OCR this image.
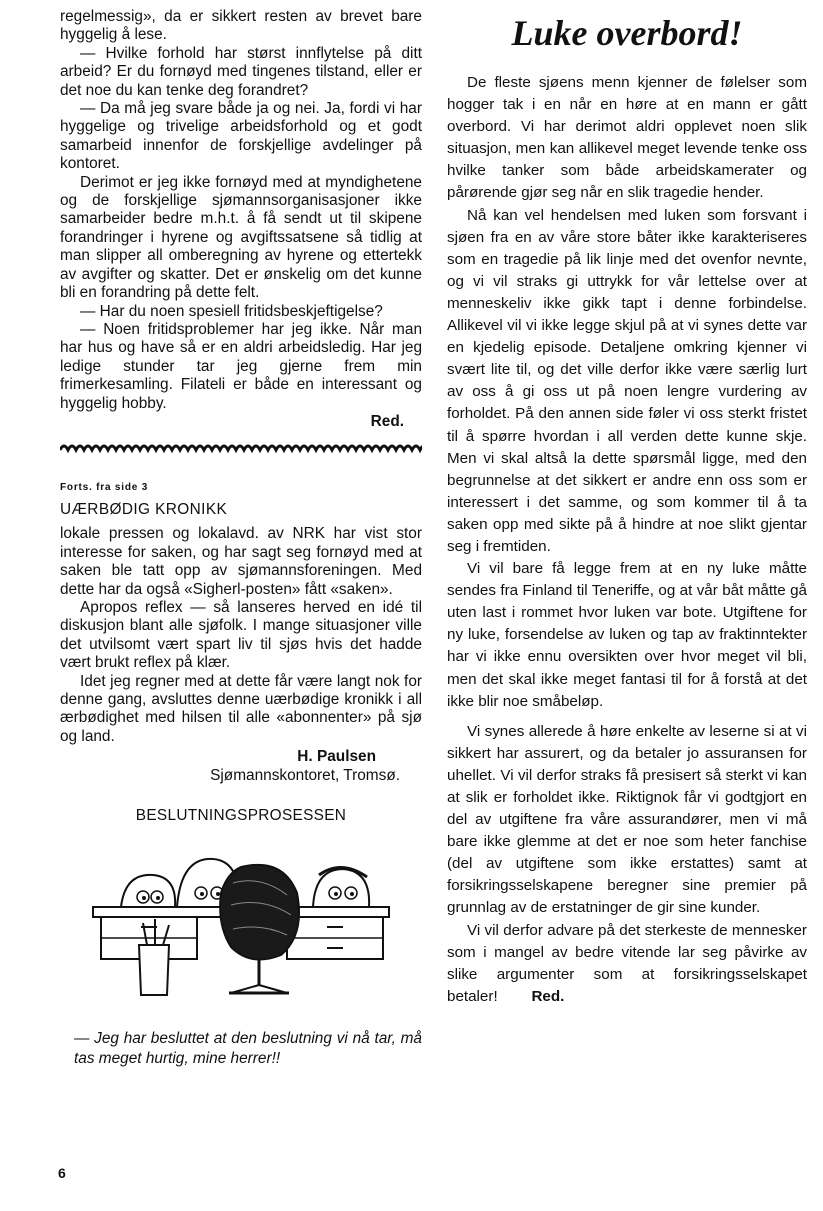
regelmessig», da er sikkert resten av brevet bare hyggelig å lese.

— Hvilke forhold har størst innflytelse på ditt arbeid? Er du fornøyd med tingenes tilstand, eller er det noe du kan tenke deg forandret?

— Da må jeg svare både ja og nei. Ja, fordi vi har hyggelige og trivelige arbeidsforhold og et godt samarbeid innenfor de forskjellige avdelinger på kontoret.

Derimot er jeg ikke fornøyd med at myndighetene og de forskjellige sjømannsorganisasjoner ikke samarbeider bedre m.h.t. å få sendt ut til skipene forandringer i hyrene og avgiftssatsene så tidlig at man slipper all omberegning av hyrene og ettertekk av avgifter og skatter. Det er ønskelig om det kunne bli en forandring på dette felt.

— Har du noen spesiell fritidsbeskjeftigelse?

— Noen fritidsproblemer har jeg ikke. Når man har hus og have så er en aldri arbeidsledig. Har jeg ledige stunder tar jeg gjerne frem min frimerkesamling. Filateli er både en interessant og hyggelig hobby.

Red.

Forts. fra side 3
UÆRBØDIG KRONIKK

lokale pressen og lokalavd. av NRK har vist stor interesse for saken, og har sagt seg fornøyd med at saken ble tatt opp av sjømannsforeningen. Med dette har da også «Sigherl-posten» fått «saken».

Apropos reflex — så lanseres herved en idé til diskusjon blant alle sjøfolk. I mange situasjoner ville det utvilsomt vært spart liv til sjøs hvis det hadde vært brukt reflex på klær.

Idet jeg regner med at dette får være langt nok for denne gang, avsluttes denne uærbødige kronikk i all ærbødighet med hilsen til alle «abonnenter» på sjø og land.

H. Paulsen
Sjømannskontoret, Tromsø.
BESLUTNINGSPROSESSEN

— Jeg har besluttet at den beslutning vi nå tar, må tas meget hurtig, mine herrer!!

Luke overbord!

De fleste sjøens menn kjenner de følelser som hogger tak i en når en høre at en mann er gått overbord. Vi har derimot aldri opplevet noen slik situasjon, men kan allikevel meget levende tenke oss hvilke tanker som både arbeidskamerater og pårørende gjør seg når en slik tragedie hender.

Nå kan vel hendelsen med luken som forsvant i sjøen fra en av våre store båter ikke karakteriseres som en tragedie på lik linje med det ovenfor nevnte, og vi vil straks gi uttrykk for vår lettelse over at menneskeliv ikke gikk tapt i denne forbindelse. Allikevel vil vi ikke legge skjul på at vi synes dette var en kjedelig episode. Detaljene omkring kjenner vi svært lite til, og det ville derfor ikke være særlig lurt av oss å gi oss ut på noen lengre vurdering av forholdet. På den annen side føler vi oss sterkt fristet til å spørre hvordan i all verden dette kunne skje. Men vi skal altså la dette spørsmål ligge, med den begrunnelse at det sikkert er andre enn oss som er interessert i det samme, og som kommer til å ta saken opp med sikte på å hindre at noe slikt gjentar seg i fremtiden.

Vi vil bare få legge frem at en ny luke måtte sendes fra Finland til Teneriffe, og at vår båt måtte gå uten last i rommet hvor luken var bote. Utgiftene for ny luke, forsendelse av luken og tap av fraktinntekter har vi ikke ennu oversikten over hvor meget vil bli, men det skal ikke meget fantasi til for å forstå at det ikke blir noe småbeløp.

Vi synes allerede å høre enkelte av leserne si at vi sikkert har assurert, og da betaler jo assuransen for uhellet. Vi vil derfor straks få presisert så sterkt vi kan at slik er forholdet ikke. Riktignok får vi godtgjort en del av utgiftene fra våre assurandører, men vi må bare ikke glemme at det er noe som heter fanchise (del av utgiftene som ikke erstattes) samt at forsikringsselskapene beregner sine premier på grunnlag av de erstatninger de gir sine kunder.

Vi vil derfor advare på det sterkeste de mennesker som i mangel av bedre vitende lar seg påvirke av slike argumenter som at forsikringsselskapet betaler! Red.

6
